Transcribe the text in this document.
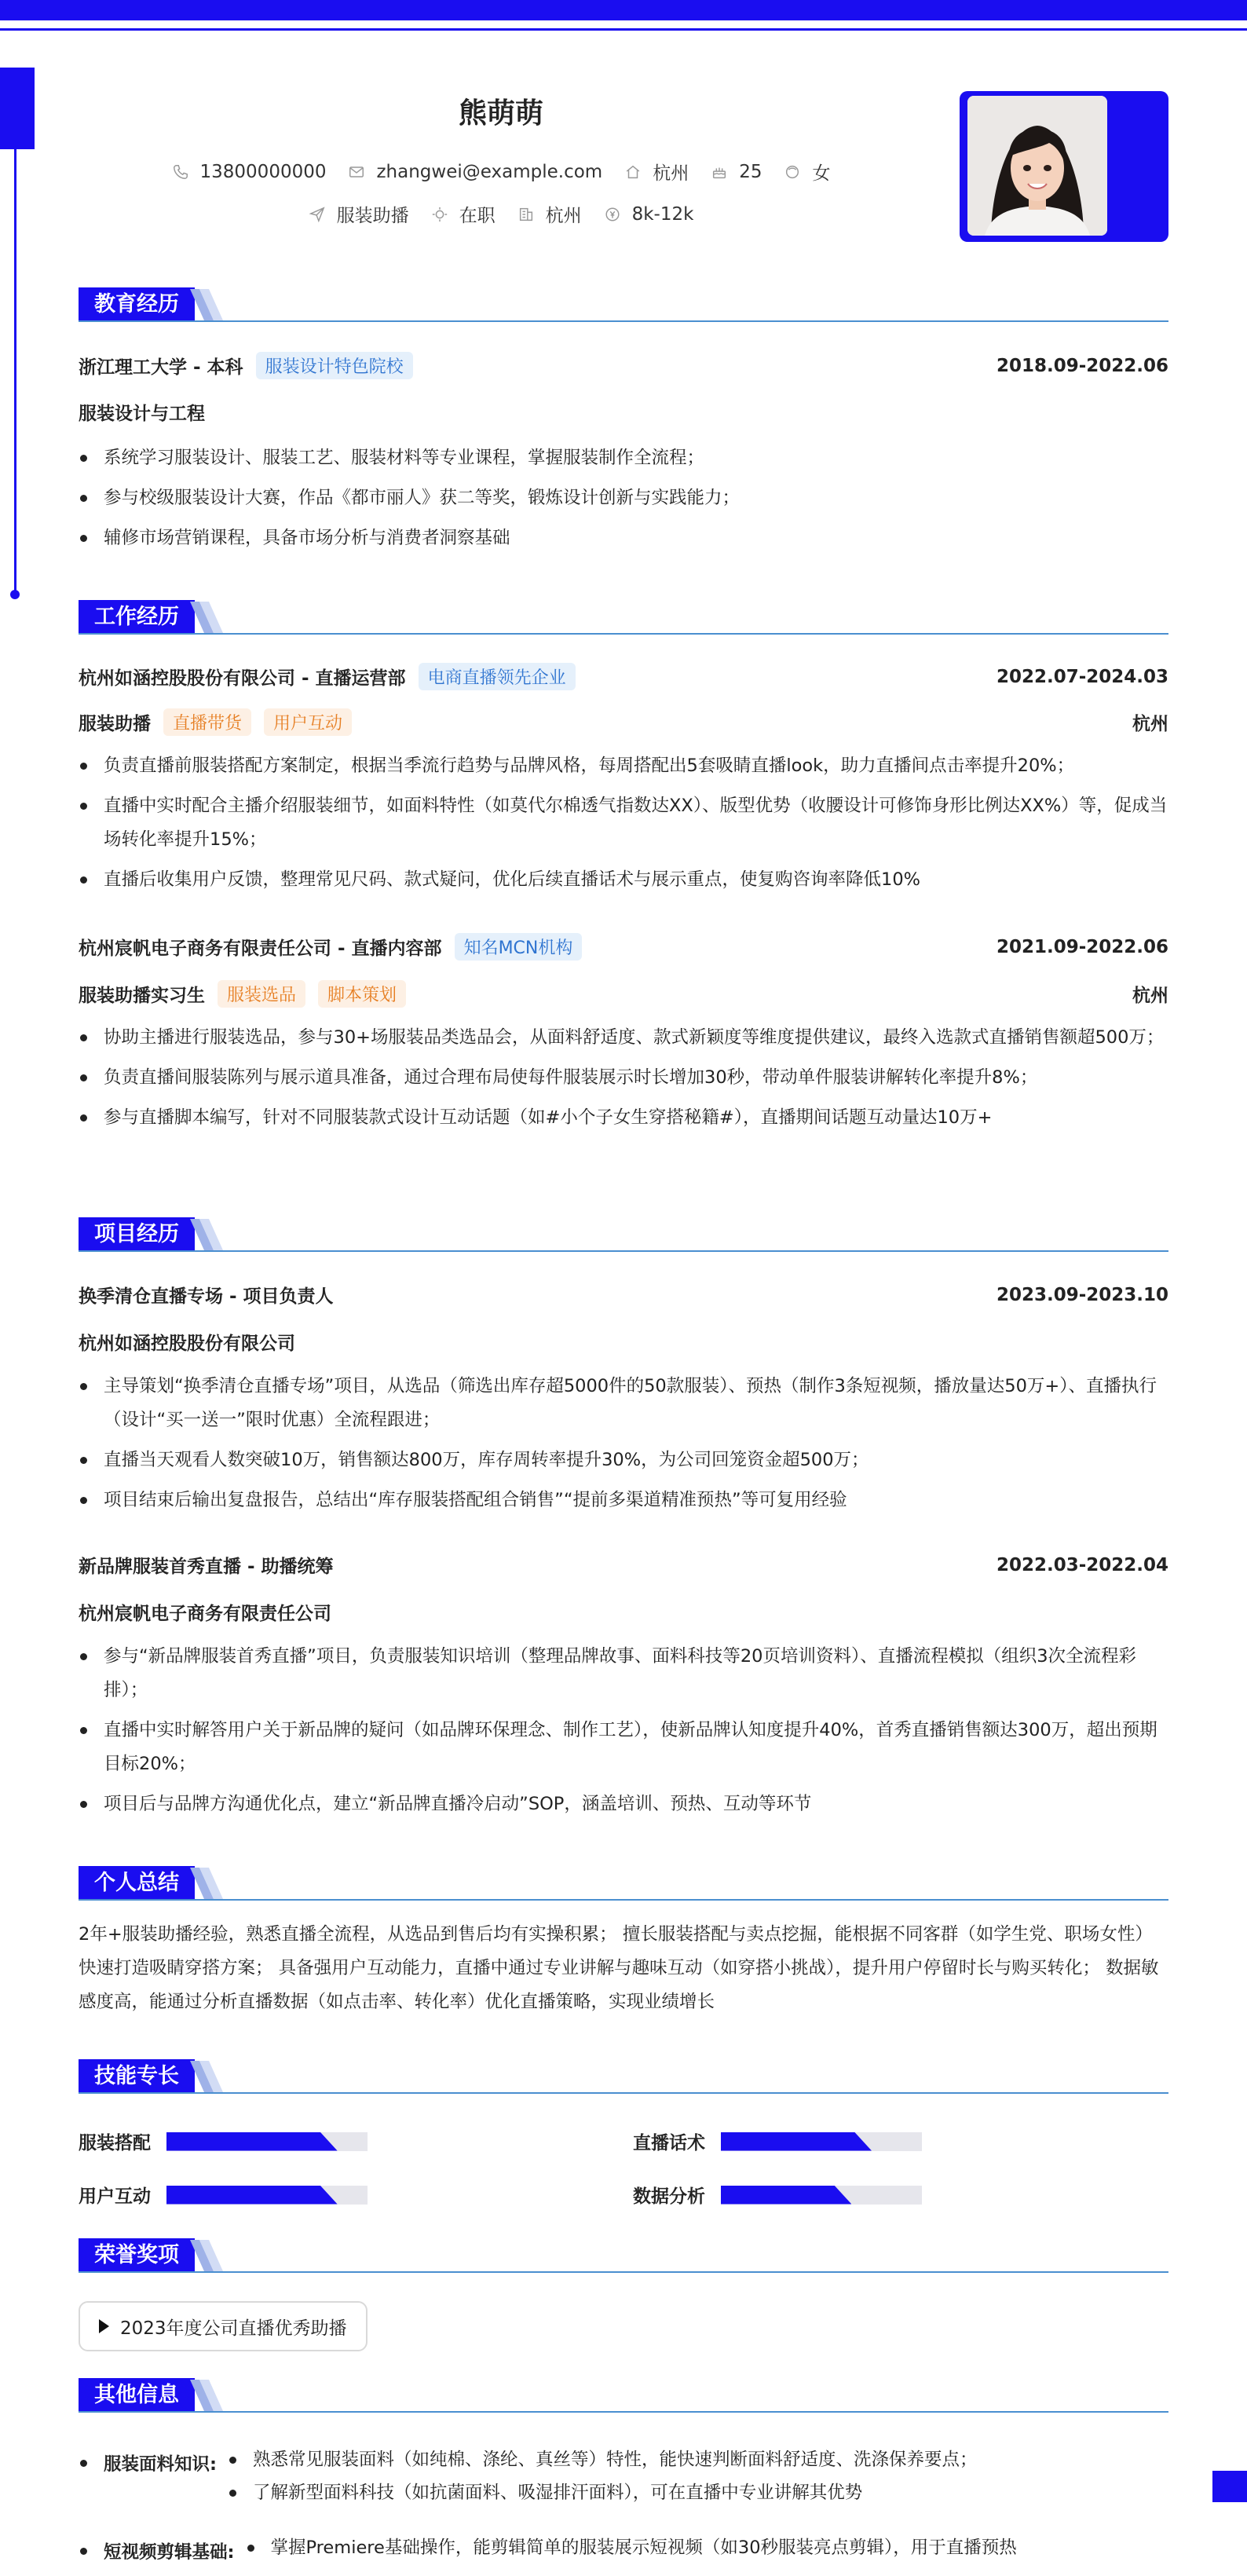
熊萌萌
13800000000	zhangwei@example.com	杭州	25	女
服装助播	在职	杭州	8k-12k
教育经历
浙江理工大学 - 本科	服装设计特色院校	2018.09-2022.06
服装设计与工程
系统学习服装设计、服装工艺、服装材料等专业课程，掌握服装制作全流程；
参与校级服装设计大赛，作品《都市丽人》获二等奖，锻炼设计创新与实践能力；
辅修市场营销课程，具备市场分析与消费者洞察基础
工作经历
杭州如涵控股股份有限公司 - 直播运营部	电商直播领先企业	2022.07-2024.03
服装助播	直播带货	用户互动	杭州
负责直播前服装搭配方案制定，根据当季流行趋势与品牌风格，每周搭配出5套吸睛直播look，助力直播间点击率提升20%；
直播中实时配合主播介绍服装细节，如面料特性（如莫代尔棉透气指数达XX）、版型优势（收腰设计可修饰身形比例达XX%）等，促成当场转化率提升15%；
直播后收集用户反馈，整理常见尺码、款式疑问，优化后续直播话术与展示重点，使复购咨询率降低10%
杭州宸帆电子商务有限责任公司 - 直播内容部	知名MCN机构	2021.09-2022.06
服装助播实习生	服装选品	脚本策划	杭州
协助主播进行服装选品，参与30+场服装品类选品会，从面料舒适度、款式新颖度等维度提供建议，最终入选款式直播销售额超500万；
负责直播间服装陈列与展示道具准备，通过合理布局使每件服装展示时长增加30秒，带动单件服装讲解转化率提升8%；
参与直播脚本编写，针对不同服装款式设计互动话题（如#小个子女生穿搭秘籍#），直播期间话题互动量达10万+
项目经历
换季清仓直播专场 - 项目负责人	2023.09-2023.10
杭州如涵控股股份有限公司
主导策划“换季清仓直播专场”项目，从选品（筛选出库存超5000件的50款服装）、预热（制作3条短视频，播放量达50万+）、直播执行（设计“买一送一”限时优惠）全流程跟进；
直播当天观看人数突破10万，销售额达800万，库存周转率提升30%，为公司回笼资金超500万；
项目结束后输出复盘报告，总结出“库存服装搭配组合销售”“提前多渠道精准预热”等可复用经验
新品牌服装首秀直播 - 助播统筹	2022.03-2022.04
杭州宸帆电子商务有限责任公司
参与“新品牌服装首秀直播”项目，负责服装知识培训（整理品牌故事、面料科技等20页培训资料）、直播流程模拟（组织3次全流程彩排）；
直播中实时解答用户关于新品牌的疑问（如品牌环保理念、制作工艺），使新品牌认知度提升40%，首秀直播销售额达300万，超出预期目标20%；
项目后与品牌方沟通优化点，建立“新品牌直播冷启动”SOP，涵盖培训、预热、互动等环节
个人总结
2年+服装助播经验，熟悉直播全流程，从选品到售后均有实操积累； 擅长服装搭配与卖点挖掘，能根据不同客群（如学生党、职场女性）快速打造吸睛穿搭方案； 具备强用户互动能力，直播中通过专业讲解与趣味互动（如穿搭小挑战），提升用户停留时长与购买转化； 数据敏感度高，能通过分析直播数据（如点击率、转化率）优化直播策略，实现业绩增长
技能专长
服装搭配	直播话术
用户互动	数据分析
荣誉奖项
2023年度公司直播优秀助播
其他信息
服装面料知识:	熟悉常见服装面料（如纯棉、涤纶、真丝等）特性，能快速判断面料舒适度、洗涤保养要点；
了解新型面料科技（如抗菌面料、吸湿排汗面料），可在直播中专业讲解其优势
短视频剪辑基础:	掌握Premiere基础操作，能剪辑简单的服装展示短视频（如30秒服装亮点剪辑），用于直播预热
